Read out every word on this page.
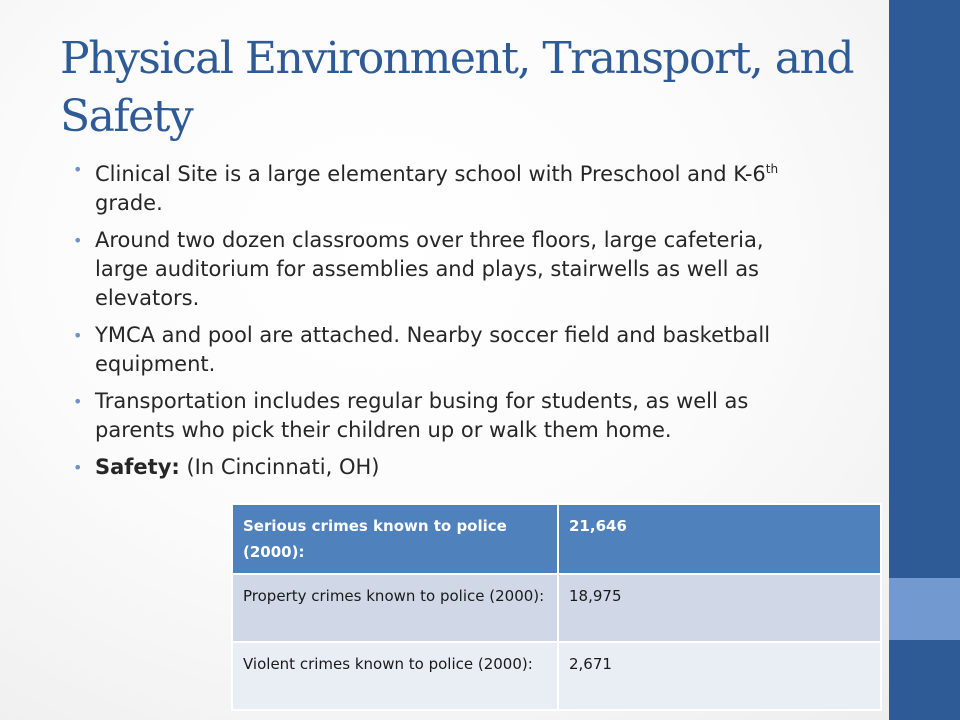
Physical Environment, Transport, and Safety
• Clinical Site is a large elementary school with Preschool and K-6th grade.
• Around two dozen classrooms over three floors, large cafeteria, large auditorium for assemblies and plays, stairwells as well as elevators.
• YMCA and pool are attached. Nearby soccer field and basketball equipment.
• Transportation includes regular busing for students, as well as parents who pick their children up or walk them home.
• Safety: (In Cincinnati, OH)
Serious crimes known to police (2000):	21,646
Property crimes known to police (2000):	18,975
Violent crimes known to police (2000):	2,671
